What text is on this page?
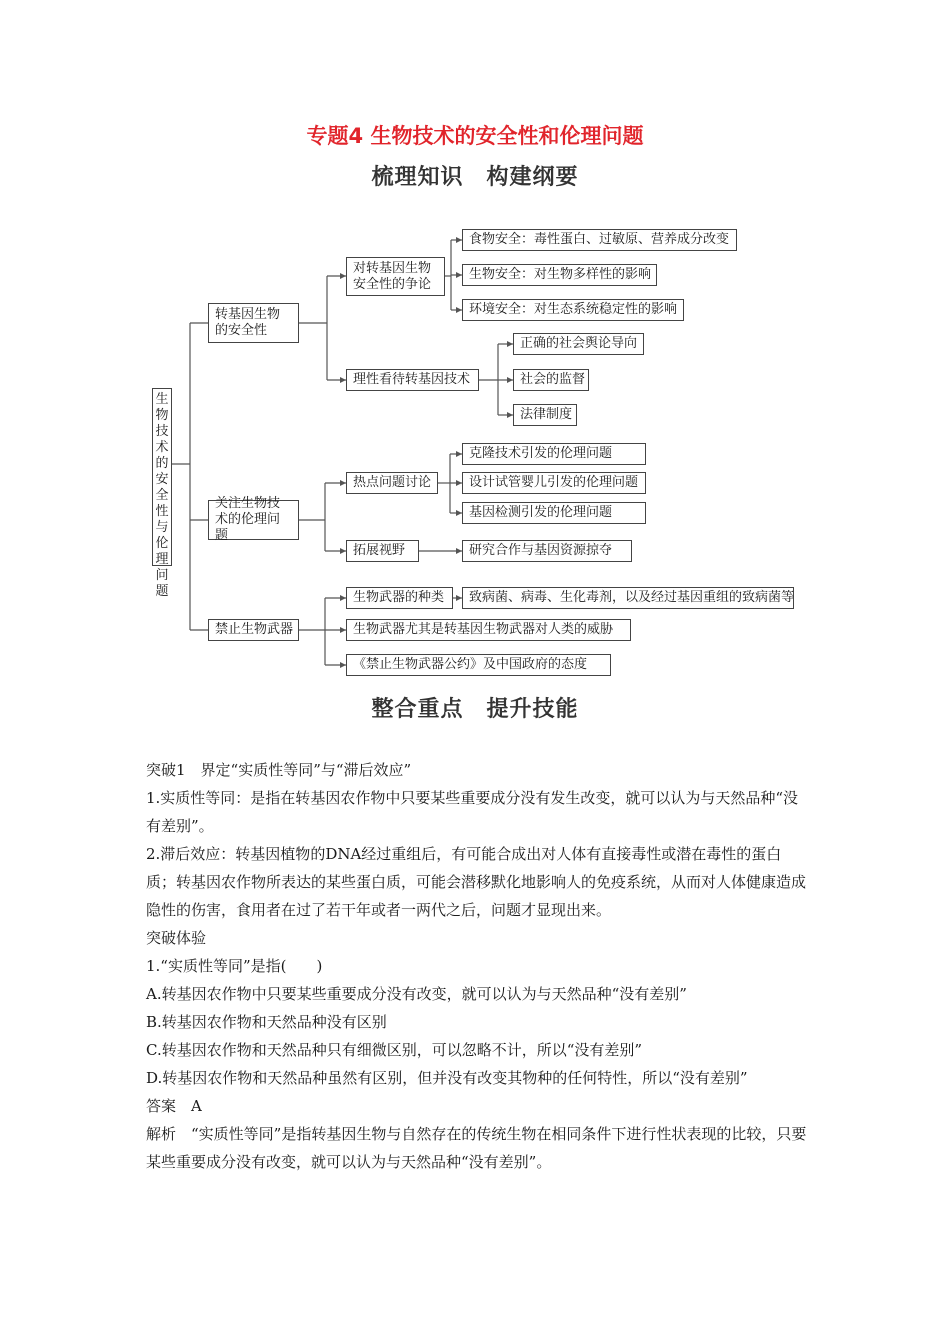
专题4 生物技术的安全性和伦理问题
梳理知识　构建纲要
生物技术的安全性与伦理问题
转基因生物的安全性
对转基因生物安全性的争论
食物安全：毒性蛋白、过敏原、营养成分改变
生物安全：对生物多样性的影响
环境安全：对生态系统稳定性的影响
理性看待转基因技术
正确的社会舆论导向
社会的监督
法律制度
关注生物技术的伦理问题
热点问题讨论
克隆技术引发的伦理问题
设计试管婴儿引发的伦理问题
基因检测引发的伦理问题
拓展视野	研究合作与基因资源掠夺
禁止生物武器
生物武器的种类	致病菌、病毒、生化毒剂，以及经过基因重组的致病菌等
生物武器尤其是转基因生物武器对人类的威胁
《禁止生物武器公约》及中国政府的态度
整合重点　提升技能

突破1　界定“实质性等同”与“滞后效应”

1.实质性等同：是指在转基因农作物中只要某些重要成分没有发生改变，就可以认为与天然品种“没有差别”。

2.滞后效应：转基因植物的DNA经过重组后，有可能合成出对人体有直接毒性或潜在毒性的蛋白质；转基因农作物所表达的某些蛋白质，可能会潜移默化地影响人的免疫系统，从而对人体健康造成隐性的伤害，食用者在过了若干年或者一两代之后，问题才显现出来。

突破体验

1.“实质性等同”是指(　　)

A.转基因农作物中只要某些重要成分没有改变，就可以认为与天然品种“没有差别”

B.转基因农作物和天然品种没有区别

C.转基因农作物和天然品种只有细微区别，可以忽略不计，所以“没有差别”

D.转基因农作物和天然品种虽然有区别，但并没有改变其物种的任何特性，所以“没有差别”

答案　A

解析　“实质性等同”是指转基因生物与自然存在的传统生物在相同条件下进行性状表现的比较，只要某些重要成分没有改变，就可以认为与天然品种“没有差别”。
